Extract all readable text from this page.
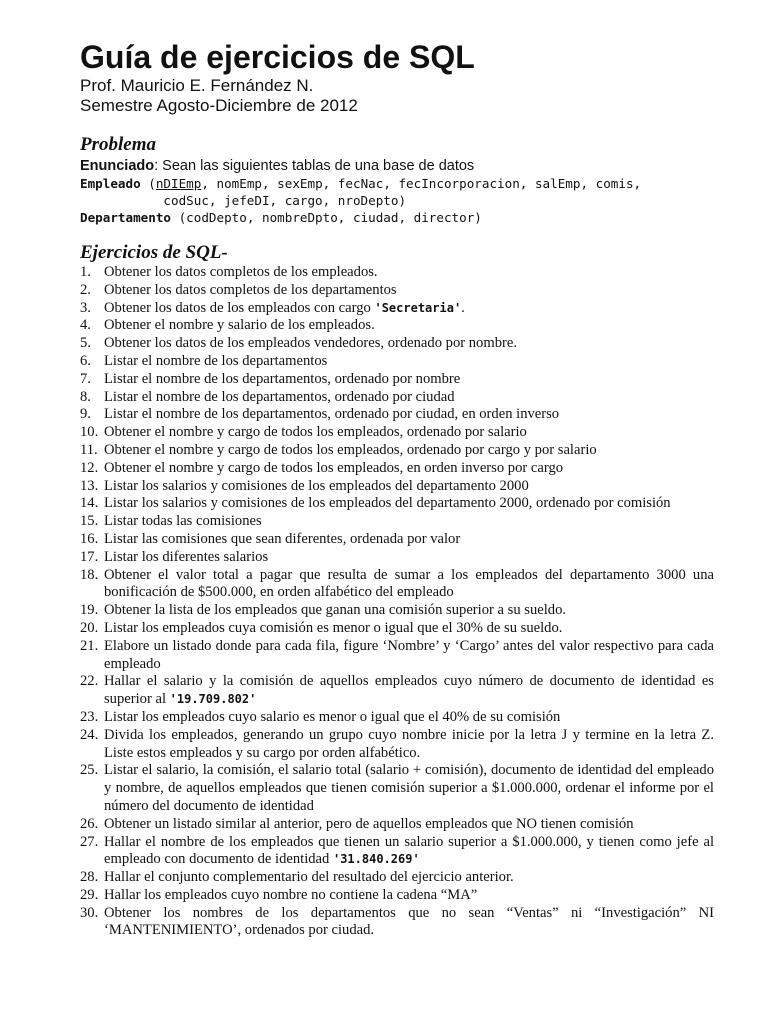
Guía de ejercicios de SQL
Prof. Mauricio E. Fernández N.
Semestre Agosto-Diciembre de 2012
Problema
Enunciado: Sean las siguientes tablas de una base de datos
Empleado (nDIEmp, nomEmp, sexEmp, fecNac, fecIncorporacion, salEmp, comis,
codSuc, jefeDI, cargo, nroDepto)
Departamento (codDepto, nombreDpto, ciudad, director)
Ejercicios de SQL-
1. Obtener los datos completos de los empleados.
2. Obtener los datos completos de los departamentos
3. Obtener los datos de los empleados con cargo 'Secretaria'.
4. Obtener el nombre y salario de los empleados.
5. Obtener los datos de los empleados vendedores, ordenado por nombre.
6. Listar el nombre de los departamentos
7. Listar el nombre de los departamentos, ordenado por nombre
8. Listar el nombre de los departamentos, ordenado por ciudad
9. Listar el nombre de los departamentos, ordenado por ciudad, en orden inverso
10. Obtener el nombre y cargo de todos los empleados, ordenado por salario
11. Obtener el nombre y cargo de todos los empleados, ordenado por cargo y por salario
12. Obtener el nombre y cargo de todos los empleados, en orden inverso por cargo
13. Listar los salarios y comisiones de los empleados del departamento 2000
14. Listar los salarios y comisiones de los empleados del departamento 2000, ordenado por comisión
15. Listar todas las comisiones
16. Listar las comisiones que sean diferentes, ordenada por valor
17. Listar los diferentes salarios
18. Obtener el valor total a pagar que resulta de sumar a los empleados del departamento 3000 una bonificación de $500.000, en orden alfabético del empleado
19. Obtener la lista de los empleados que ganan una comisión superior a su sueldo.
20. Listar los empleados cuya comisión es menor o igual que el 30% de su sueldo.
21. Elabore un listado donde para cada fila, figure ‘Nombre’ y ‘Cargo’ antes del valor respectivo para cada empleado
22. Hallar el salario y la comisión de aquellos empleados cuyo número de documento de identidad es superior al '19.709.802'
23. Listar los empleados cuyo salario es menor o igual que el 40% de su comisión
24. Divida los empleados, generando un grupo cuyo nombre inicie por la letra J y termine en la letra Z. Liste estos empleados y su cargo por orden alfabético.
25. Listar el salario, la comisión, el salario total (salario + comisión), documento de identidad del empleado y nombre, de aquellos empleados que tienen comisión superior a $1.000.000, ordenar el informe por el número del documento de identidad
26. Obtener un listado similar al anterior, pero de aquellos empleados que NO tienen comisión
27. Hallar el nombre de los empleados que tienen un salario superior a $1.000.000, y tienen como jefe al empleado con documento de identidad '31.840.269'
28. Hallar el conjunto complementario del resultado del ejercicio anterior.
29. Hallar los empleados cuyo nombre no contiene la cadena “MA”
30. Obtener los nombres de los departamentos que no sean “Ventas” ni “Investigación” NI ‘MANTENIMIENTO’, ordenados por ciudad.
